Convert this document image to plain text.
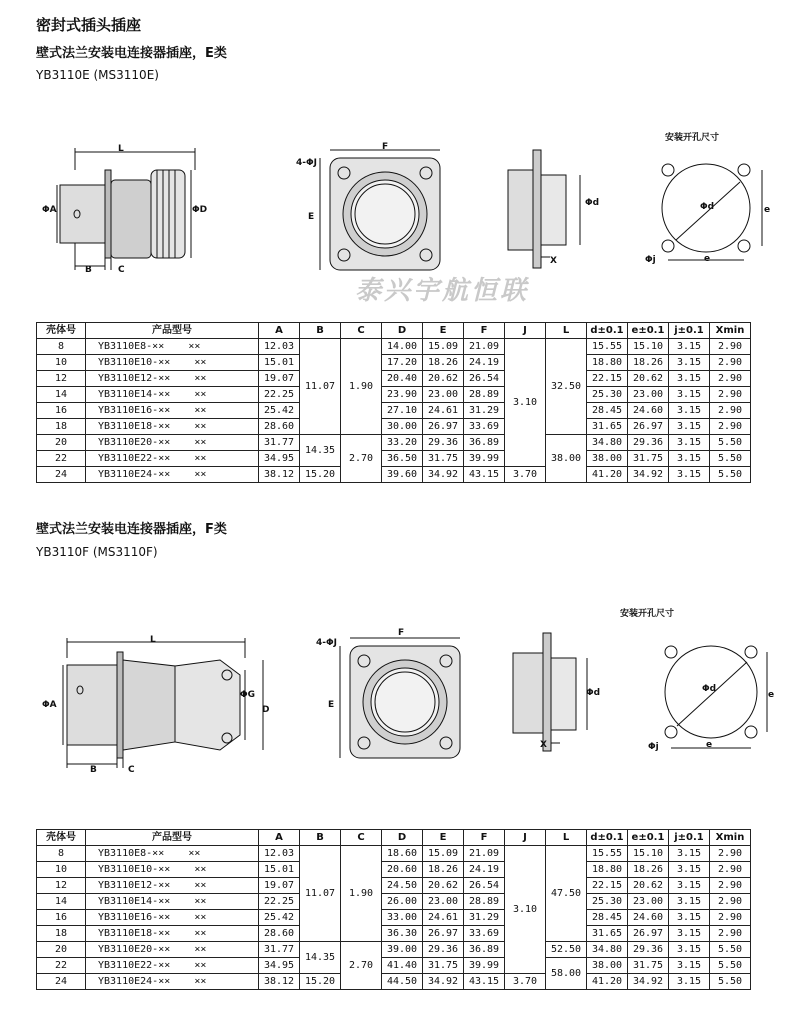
密封式插头插座
壁式法兰安装电连接器插座，E类
YB3110E (MS3110E)
L
ΦA	ΦD
B	C
F
4-ΦJ
E
Φd
X
安装开孔尺寸
Φd	e
e
Φj
泰兴宇航恒联
壳体号	产品型号	A	B	C	D	E	F	J	L	d±0.1	e±0.1	j±0.1	Xmin
8	YB3110E8-×× ××	12.03	11.07	1.90	14.00	15.09	21.09	3.10	32.50	15.55	15.10	3.15	2.90
10	YB3110E10-×× ××	15.01			17.20	18.26	24.19			18.80	18.26	3.15	2.90
12	YB3110E12-×× ××	19.07			20.40	20.62	26.54			22.15	20.62	3.15	2.90
14	YB3110E14-×× ××	22.25			23.90	23.00	28.89			25.30	23.00	3.15	2.90
16	YB3110E16-×× ××	25.42			27.10	24.61	31.29			28.45	24.60	3.15	2.90
18	YB3110E18-×× ××	28.60			30.00	26.97	33.69			31.65	26.97	3.15	2.90
20	YB3110E20-×× ××	31.77	14.35	2.70	33.20	29.36	36.89		38.00	34.80	29.36	3.15	5.50
22	YB3110E22-×× ××	34.95			36.50	31.75	39.99			38.00	31.75	3.15	5.50
24	YB3110E24-×× ××	38.12	15.20		39.60	34.92	43.15	3.70		41.20	34.92	3.15	5.50
壁式法兰安装电连接器插座，F类
YB3110F (MS3110F)
L
ΦA
ΦG
D
B	C
F
4-ΦJ
E
Φd
X
安装开孔尺寸
Φd
e
e
Φj
壳体号	产品型号	A	B	C	D	E	F	J	L	d±0.1	e±0.1	j±0.1	Xmin
8	YB3110E8-×× ××	12.03	11.07	1.90	18.60	15.09	21.09	3.10	47.50	15.55	15.10	3.15	2.90
10	YB3110E10-×× ××	15.01			20.60	18.26	24.19			18.80	18.26	3.15	2.90
12	YB3110E12-×× ××	19.07			24.50	20.62	26.54			22.15	20.62	3.15	2.90
14	YB3110E14-×× ××	22.25			26.00	23.00	28.89			25.30	23.00	3.15	2.90
16	YB3110E16-×× ××	25.42			33.00	24.61	31.29			28.45	24.60	3.15	2.90
18	YB3110E18-×× ××	28.60			36.30	26.97	33.69			31.65	26.97	3.15	2.90
20	YB3110E20-×× ××	31.77	14.35	2.70	39.00	29.36	36.89		52.50	34.80	29.36	3.15	5.50
22	YB3110E22-×× ××	34.95			41.40	31.75	39.99		58.00	38.00	31.75	3.15	5.50
24	YB3110E24-×× ××	38.12	15.20		44.50	34.92	43.15	3.70		41.20	34.92	3.15	5.50
